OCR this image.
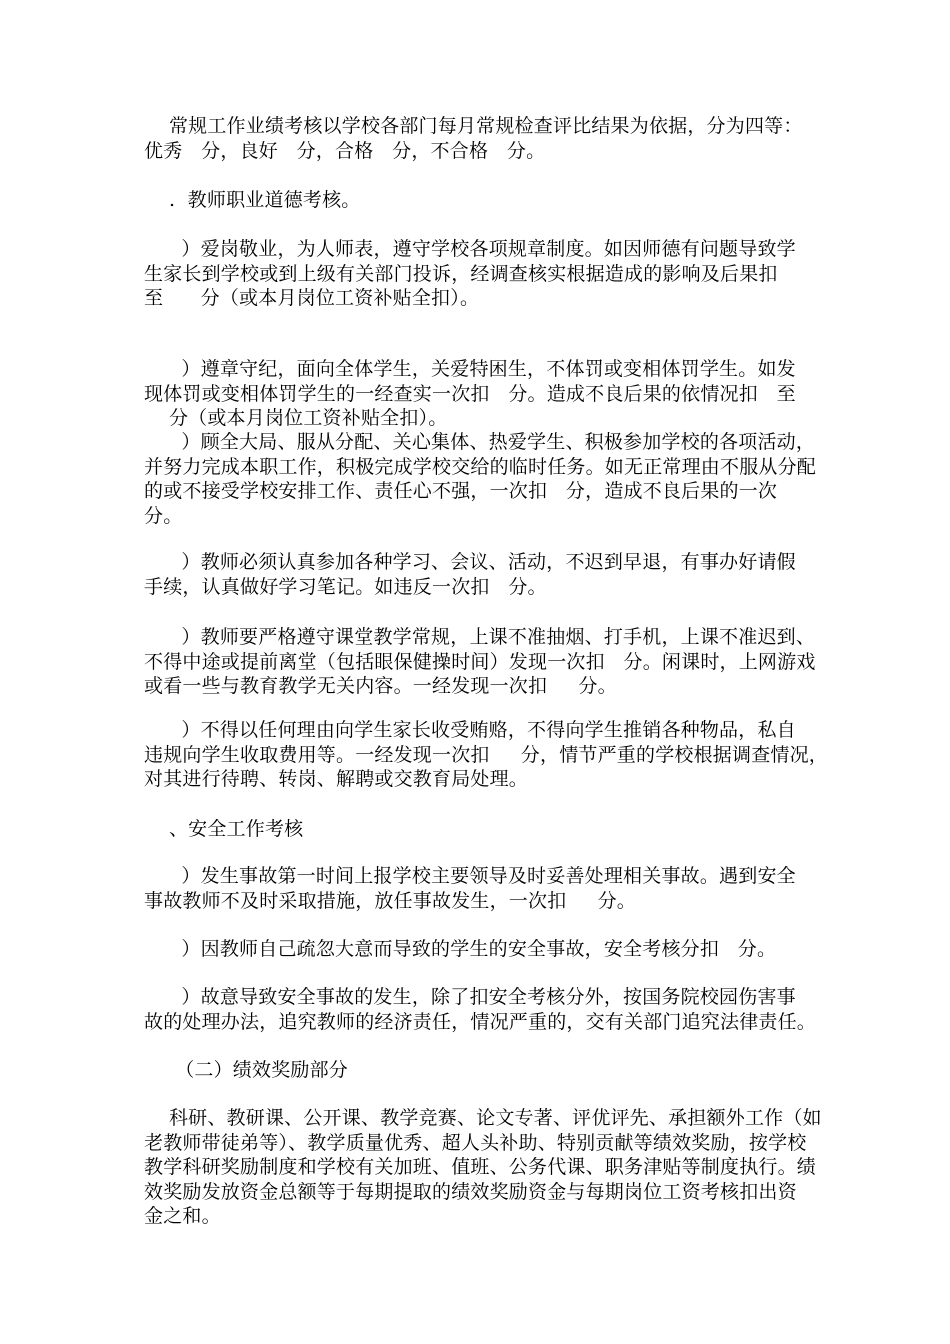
常规工作业绩考核以学校各部门每月常规检查评比结果为依据，分为四等：
优秀   分，良好   分，合格   分，不合格   分。
.  教师职业道德考核。
）爱岗敬业，为人师表，遵守学校各项规章制度。如因师德有问题导致学
生家长到学校或到上级有关部门投诉，经调查核实根据造成的影响及后果扣
至      分（或本月岗位工资补贴全扣）。
）遵章守纪，面向全体学生，关爱特困生，不体罚或变相体罚学生。如发
现体罚或变相体罚学生的一经查实一次扣   分。造成不良后果的依情况扣   至
分（或本月岗位工资补贴全扣）。
）顾全大局、服从分配、关心集体、热爱学生、积极参加学校的各项活动，
并努力完成本职工作，积极完成学校交给的临时任务。如无正常理由不服从分配
的或不接受学校安排工作、责任心不强，一次扣   分，造成不良后果的一次
分。
）教师必须认真参加各种学习、会议、活动，不迟到早退，有事办好请假
手续，认真做好学习笔记。如违反一次扣   分。
）教师要严格遵守课堂教学常规，上课不准抽烟、打手机，上课不准迟到、
不得中途或提前离堂（包括眼保健操时间）发现一次扣   分。闲课时，上网游戏
或看一些与教育教学无关内容。一经发现一次扣     分。
）不得以任何理由向学生家长收受贿赂，不得向学生推销各种物品，私自
违规向学生收取费用等。一经发现一次扣     分，情节严重的学校根据调查情况，
对其进行待聘、转岗、解聘或交教育局处理。
、安全工作考核
）发生事故第一时间上报学校主要领导及时妥善处理相关事故。遇到安全
事故教师不及时采取措施，放任事故发生，一次扣     分。
）因教师自己疏忽大意而导致的学生的安全事故，安全考核分扣   分。
）故意导致安全事故的发生，除了扣安全考核分外，按国务院校园伤害事
故的处理办法，追究教师的经济责任，情况严重的，交有关部门追究法律责任。
（二）绩效奖励部分
科研、教研课、公开课、教学竞赛、论文专著、评优评先、承担额外工作（如
老教师带徒弟等）、教学质量优秀、超人头补助、特别贡献等绩效奖励，按学校
教学科研奖励制度和学校有关加班、值班、公务代课、职务津贴等制度执行。绩
效奖励发放资金总额等于每期提取的绩效奖励资金与每期岗位工资考核扣出资
金之和。
